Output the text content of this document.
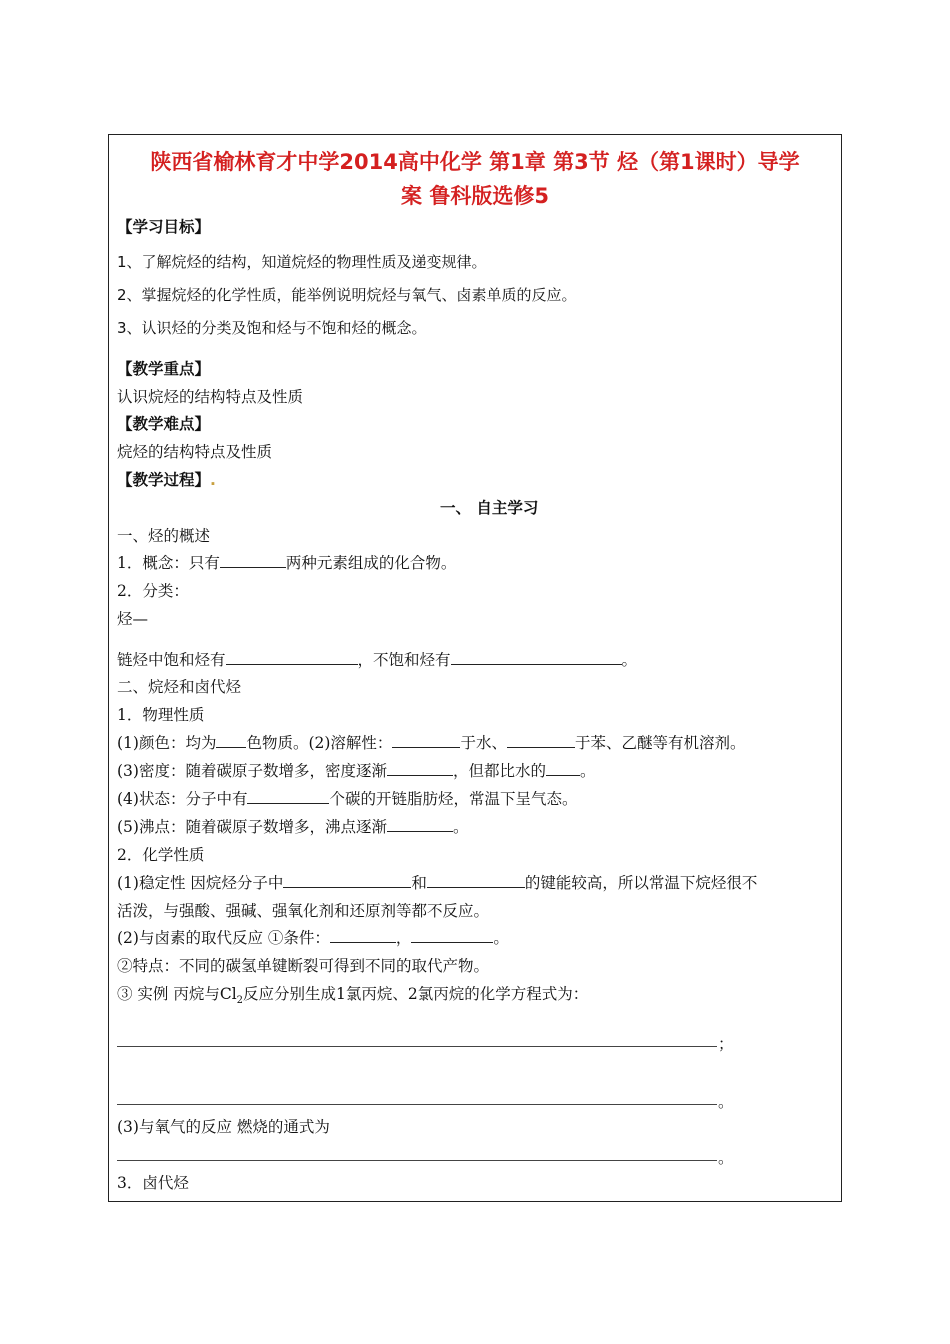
陕西省榆林育才中学2014高中化学 第1章 第3节 烃（第1课时）导学
案 鲁科版选修5
【学习目标】
1、了解烷烃的结构，知道烷烃的物理性质及递变规律。
2、掌握烷烃的化学性质，能举例说明烷烃与氧气、卤素单质的反应。
3、认识烃的分类及饱和烃与不饱和烃的概念。
【教学重点】
认识烷烃的结构特点及性质
【教学难点】
烷烃的结构特点及性质
【教学过程】.
一、 自主学习
一、烃的概述
1．概念：只有	两种元素组成的化合物。
2．分类：
烃—
链烃中饱和烃有	，不饱和烃有	。
二、烷烃和卤代烃
1．物理性质
(1)颜色：均为 色物质。(2)溶解性：	于水、	于苯、乙醚等有机溶剂。
(3)密度：随着碳原子数增多，密度逐渐	，但都比水的 。
(4)状态：分子中有	个碳的开链脂肪烃，常温下呈气态。
(5)沸点：随着碳原子数增多，沸点逐渐	。
2．化学性质
(1)稳定性 因烷烃分子中	和	的键能较高，所以常温下烷烃很不
活泼，与强酸、强碱、强氧化剂和还原剂等都不反应。
(2)与卤素的取代反应 ①条件：	，	。
②特点：不同的碳氢单键断裂可得到不同的取代产物。
③ 实例 丙烷与$Cl_2$反应分别生成1氯丙烷、2氯丙烷的化学方程式为：
；
。
(3)与氧气的反应 燃烧的通式为
。
3．卤代烃
